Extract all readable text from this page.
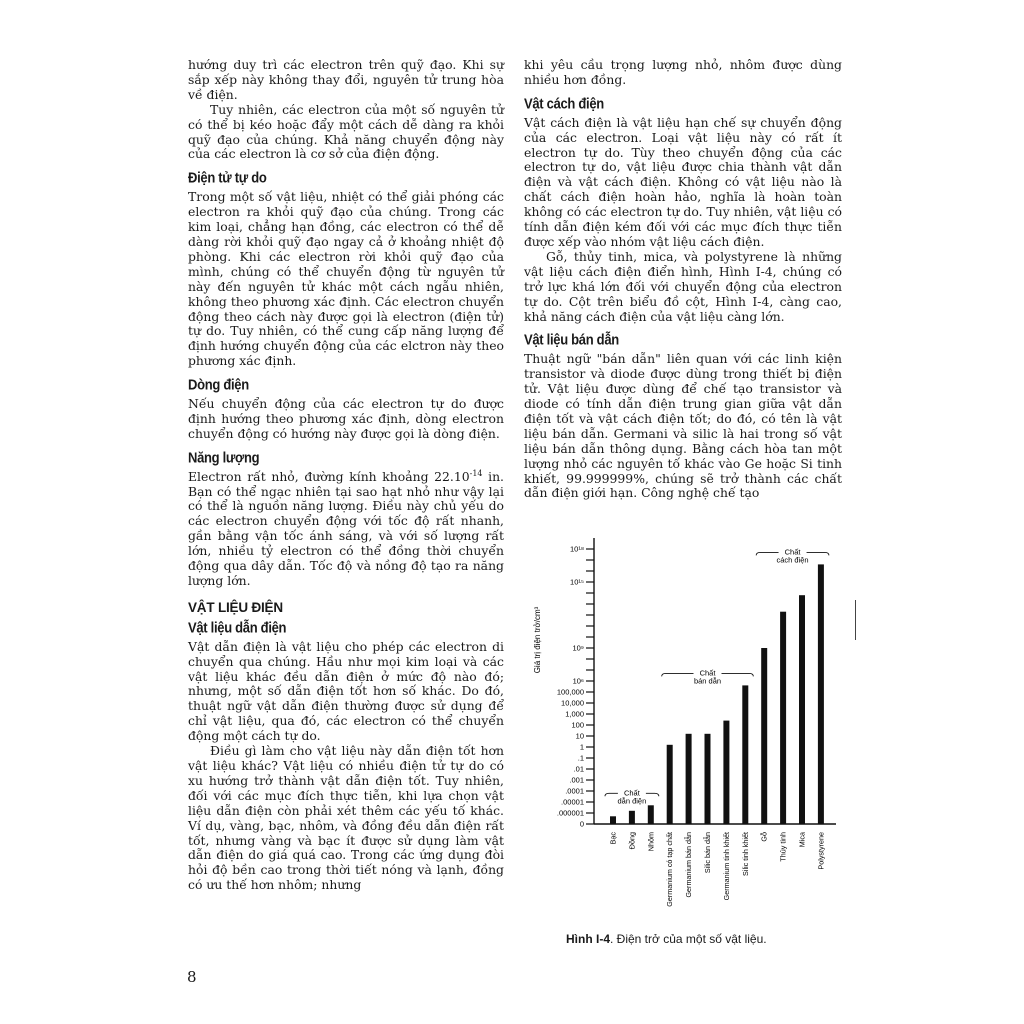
hướng duy trì các electron trên quỹ đạo. Khi sự sắp xếp này không thay đổi, nguyên tử trung hòa về điện.

Tuy nhiên, các electron của một số nguyên tử có thể bị kéo hoặc đẩy một cách dễ dàng ra khỏi quỹ đạo của chúng. Khả năng chuyển động này của các electron là cơ sở của điện động.

Điện tử tự do

Trong một số vật liệu, nhiệt có thể giải phóng các electron ra khỏi quỹ đạo của chúng. Trong các kim loại, chẳng hạn đồng, các electron có thể dễ dàng rời khỏi quỹ đạo ngay cả ở khoảng nhiệt độ phòng. Khi các electron rời khỏi quỹ đạo của mình, chúng có thể chuyển động từ nguyên tử này đến nguyên tử khác một cách ngẫu nhiên, không theo phương xác định. Các electron chuyển động theo cách này được gọi là electron (điện tử) tự do. Tuy nhiên, có thể cung cấp năng lượng để định hướng chuyển động của các elctron này theo phương xác định.

Dòng điện

Nếu chuyển động của các electron tự do được định hướng theo phương xác định, dòng electron chuyển động có hướng này được gọi là dòng điện.

Năng lượng

Electron rất nhỏ, đường kính khoảng $22.10^{-14}$ in. Bạn có thể ngạc nhiên tại sao hạt nhỏ như vậy lại có thể là nguồn năng lượng. Điều này chủ yếu do các electron chuyển động với tốc độ rất nhanh, gần bằng vận tốc ánh sáng, và với số lượng rất lớn, nhiều tỷ electron có thể đồng thời chuyển động qua dây dẫn. Tốc độ và nồng độ tạo ra năng lượng lớn.

VẬT LIỆU ĐIỆN
Vật liệu dẫn điện

Vật dẫn điện là vật liệu cho phép các electron di chuyển qua chúng. Hầu như mọi kim loại và các vật liệu khác đều dẫn điện ở mức độ nào đó; nhưng, một số dẫn điện tốt hơn số khác. Do đó, thuật ngữ vật dẫn điện thường được sử dụng để chỉ vật liệu, qua đó, các electron có thể chuyển động một cách tự do.

Điều gì làm cho vật liệu này dẫn điện tốt hơn vật liệu khác? Vật liệu có nhiều điện tử tự do có xu hướng trở thành vật dẫn điện tốt. Tuy nhiên, đối với các mục đích thực tiễn, khi lựa chọn vật liệu dẫn điện còn phải xét thêm các yếu tố khác. Ví dụ, vàng, bạc, nhôm, và đồng đều dẫn điện rất tốt, nhưng vàng và bạc ít được sử dụng làm vật dẫn điện do giá quá cao. Trong các ứng dụng đòi hỏi độ bền cao trong thời tiết nóng và lạnh, đồng có ưu thế hơn nhôm; nhưng

khi yêu cầu trọng lượng nhỏ, nhôm được dùng nhiều hơn đồng.

Vật cách điện

Vật cách điện là vật liệu hạn chế sự chuyển động của các electron. Loại vật liệu này có rất ít electron tự do. Tùy theo chuyển động của các electron tự do, vật liệu được chia thành vật dẫn điện và vật cách điện. Không có vật liệu nào là chất cách điện hoàn hảo, nghĩa là hoàn toàn không có các electron tự do. Tuy nhiên, vật liệu có tính dẫn điện kém đối với các mục đích thực tiễn được xếp vào nhóm vật liệu cách điện.

Gỗ, thủy tinh, mica, và polystyrene là những vật liệu cách điện điển hình, Hình I-4, chúng có trở lực khá lớn đối với chuyển động của electron tự do. Cột trên biểu đồ cột, Hình I-4, càng cao, khả năng cách điện của vật liệu càng lớn.

Vật liệu bán dẫn

Thuật ngữ "bán dẫn" liên quan với các linh kiện transistor và diode được dùng trong thiết bị điện tử. Vật liệu được dùng để chế tạo transistor và diode có tính dẫn điện trung gian giữa vật dẫn điện tốt và vật cách điện tốt; do đó, có tên là vật liệu bán dẫn. Germani và silic là hai trong số vật liệu bán dẫn thông dụng. Bằng cách hòa tan một lượng nhỏ các nguyên tố khác vào Ge hoặc Si tinh khiết, 99.999999%, chúng sẽ trở thành các chất dẫn điện giới hạn. Công nghệ chế tạo

0
.000001
.00001
.0001
.001
.01
.1
1
10
100
1,000
10,000
100,000
10⁶
10⁹
10¹⁵
10¹⁸
Bạc Đồng Nhôm Germanium có tạp chất Germanium bán dẫn Silic bán dẫn Germanium tinh khiết Silic tinh khiết Gỗ Thủy tinh Mica Polystyrene
Chất
dẫn điện
Chất
bán dẫn
Chất
cách điện
Giá trị điện trở/cm³
Hình I-4. Điện trở của một số vật liệu.
8
